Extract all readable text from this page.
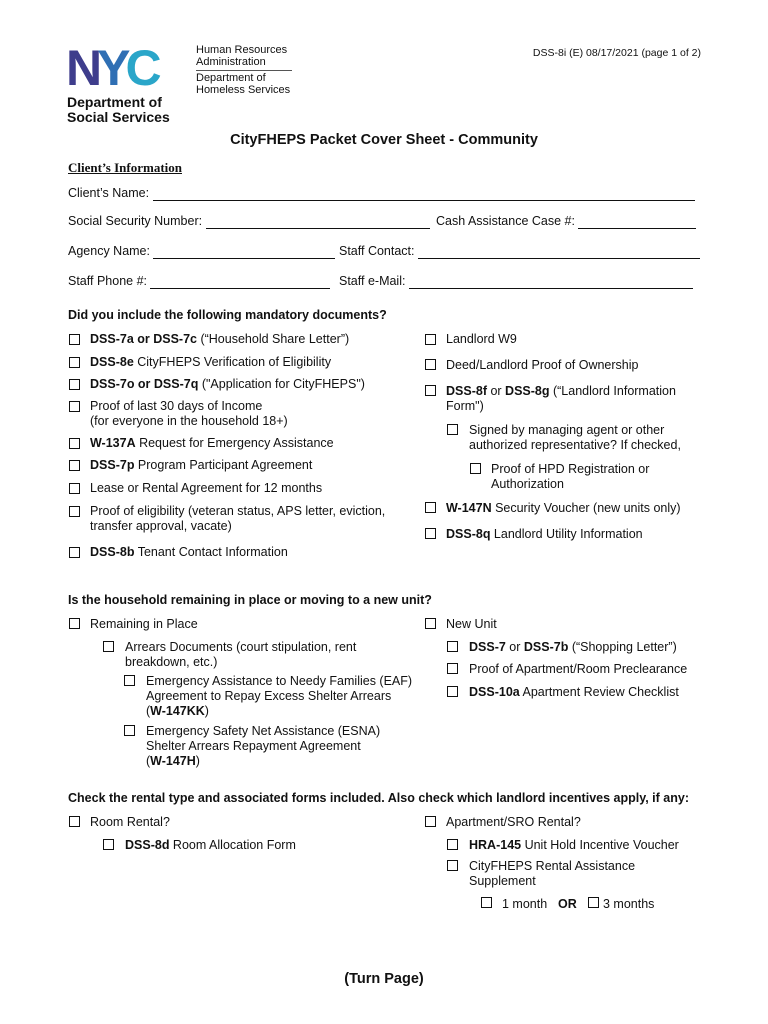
NYC
Department of
Social Services
Human Resources
Administration
Department of
Homeless Services
DSS-8i (E) 08/17/2021 (page 1 of 2)
CityFHEPS Packet Cover Sheet - Community
Client’s Information
Client’s Name:
Social Security Number:	Cash Assistance Case #:
Agency Name:	Staff Contact:
Staff Phone #:	Staff e-Mail:
Did you include the following mandatory documents?
DSS-7a or DSS-7c (“Household Share Letter”)
DSS-8e CityFHEPS Verification of Eligibility
DSS-7o or DSS-7q ("Application for CityFHEPS")
Proof of last 30 days of Income
(for everyone in the household 18+)
W-137A Request for Emergency Assistance
DSS-7p Program Participant Agreement
Lease or Rental Agreement for 12 months
Proof of eligibility (veteran status, APS letter, eviction,
transfer approval, vacate)
DSS-8b Tenant Contact Information
Landlord W9
Deed/Landlord Proof of Ownership
DSS-8f or DSS-8g (“Landlord Information
Form")
Signed by managing agent or other
authorized representative? If checked,
Proof of HPD Registration or
Authorization
W-147N Security Voucher (new units only)
DSS-8q Landlord Utility Information
Is the household remaining in place or moving to a new unit?
Remaining in Place
Arrears Documents (court stipulation, rent
breakdown, etc.)
Emergency Assistance to Needy Families (EAF)
Agreement to Repay Excess Shelter Arrears
(W-147KK)
Emergency Safety Net Assistance (ESNA)
Shelter Arrears Repayment Agreement
(W-147H)
New Unit
DSS-7 or DSS-7b (“Shopping Letter”)
Proof of Apartment/Room Preclearance
DSS-10a Apartment Review Checklist
Check the rental type and associated forms included. Also check which landlord incentives apply, if any:
Room Rental?
DSS-8d Room Allocation Form
Apartment/SRO Rental?
HRA-145 Unit Hold Incentive Voucher
CityFHEPS Rental Assistance
Supplement
1 month OR 3 months
(Turn Page)
